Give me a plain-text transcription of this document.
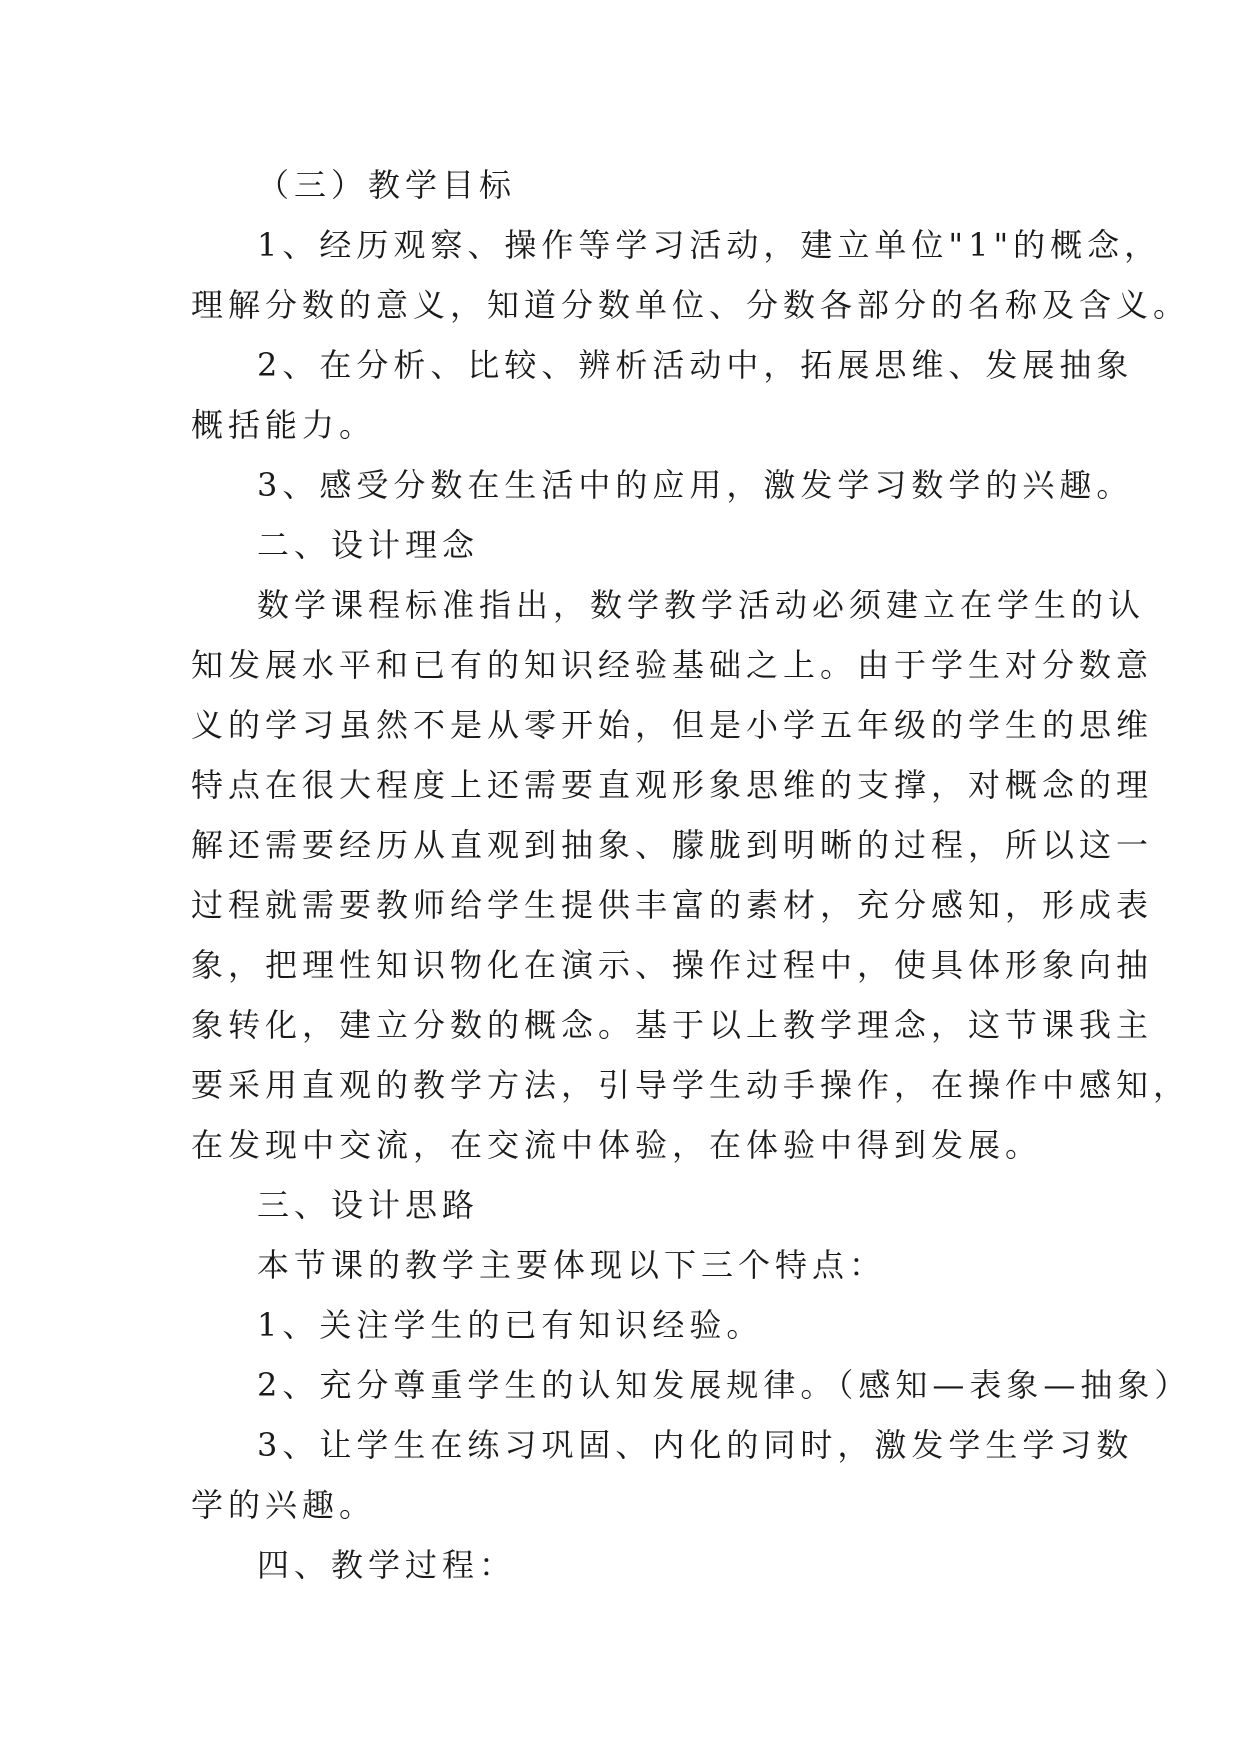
（三）教学目标

1、经历观察、操作等学习活动，建立单位"1"的概念，
理解分数的意义，知道分数单位、分数各部分的名称及含义。

2、在分析、比较、辨析活动中，拓展思维、发展抽象
概括能力。

3、感受分数在生活中的应用，激发学习数学的兴趣。

二、设计理念

数学课程标准指出，数学教学活动必须建立在学生的认
知发展水平和已有的知识经验基础之上。由于学生对分数意
义的学习虽然不是从零开始，但是小学五年级的学生的思维
特点在很大程度上还需要直观形象思维的支撑，对概念的理
解还需要经历从直观到抽象、朦胧到明晰的过程，所以这一
过程就需要教师给学生提供丰富的素材，充分感知，形成表
象，把理性知识物化在演示、操作过程中，使具体形象向抽
象转化，建立分数的概念。基于以上教学理念，这节课我主
要采用直观的教学方法，引导学生动手操作，在操作中感知，
在发现中交流，在交流中体验，在体验中得到发展。

三、设计思路

本节课的教学主要体现以下三个特点：

1、关注学生的已有知识经验。

2、充分尊重学生的认知发展规律。（感知—表象—抽象）

3、让学生在练习巩固、内化的同时，激发学生学习数
学的兴趣。

四、教学过程：
